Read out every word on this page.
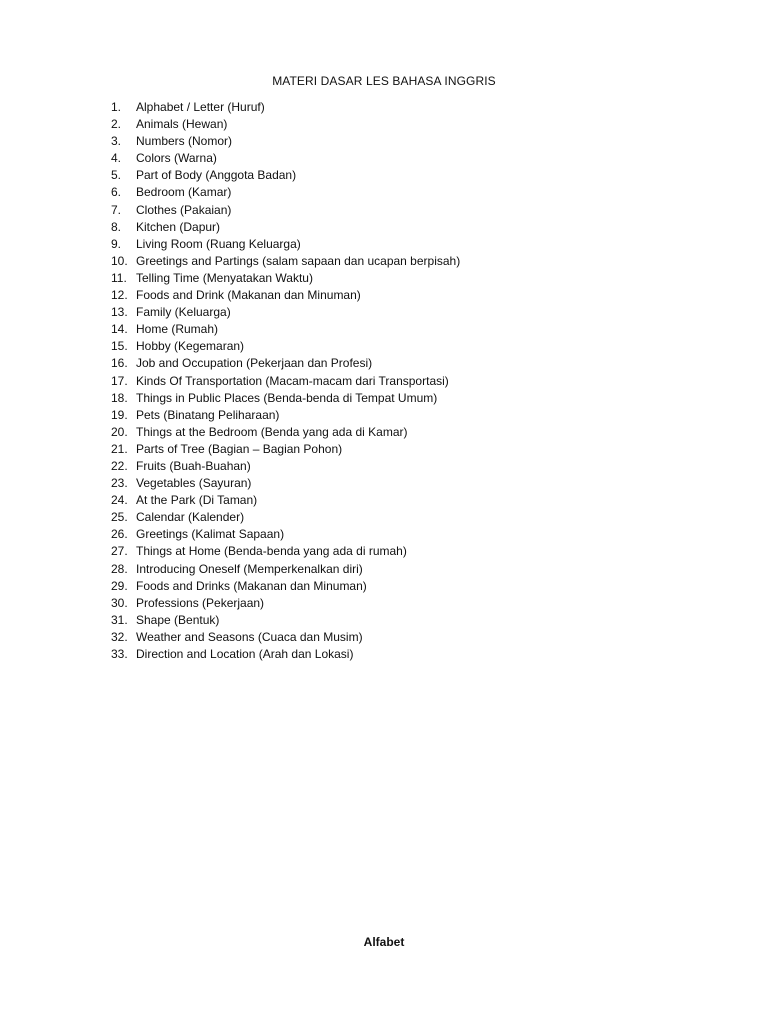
MATERI DASAR LES BAHASA INGGRIS
1.	Alphabet / Letter (Huruf)
2.	Animals (Hewan)
3.	Numbers (Nomor)
4.	Colors (Warna)
5.	Part of Body (Anggota Badan)
6.	Bedroom (Kamar)
7.	Clothes (Pakaian)
8.	Kitchen (Dapur)
9.	Living Room (Ruang Keluarga)
10. Greetings and Partings (salam sapaan dan ucapan berpisah)
11. Telling Time (Menyatakan Waktu)
12. Foods and Drink (Makanan dan Minuman)
13. Family (Keluarga)
14. Home (Rumah)
15. Hobby (Kegemaran)
16. Job and Occupation (Pekerjaan dan Profesi)
17. Kinds Of Transportation (Macam-macam dari Transportasi)
18. Things in Public Places (Benda-benda di Tempat Umum)
19. Pets (Binatang Peliharaan)
20. Things at the Bedroom (Benda yang ada di Kamar)
21. Parts of Tree (Bagian – Bagian Pohon)
22. Fruits (Buah-Buahan)
23. Vegetables (Sayuran)
24. At the Park (Di Taman)
25. Calendar (Kalender)
26. Greetings (Kalimat Sapaan)
27. Things at Home (Benda-benda yang ada di rumah)
28. Introducing Oneself (Memperkenalkan diri)
29. Foods and Drinks (Makanan dan Minuman)
30. Professions (Pekerjaan)
31. Shape (Bentuk)
32. Weather and Seasons (Cuaca dan Musim)
33. Direction and Location (Arah dan Lokasi)
Alfabet
